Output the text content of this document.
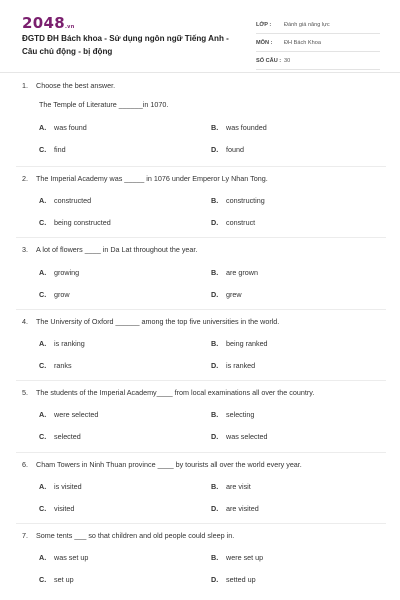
2048.vn
ĐGTD ĐH Bách khoa - Sử dụng ngôn ngữ Tiếng Anh - Câu chủ động - bị động
LỚP :	Đánh giá năng lực
MÔN :	ĐH Bách Khoa
SỐ CÂU : 30
1. Choose the best answer.
The Temple of Literature ______in 1070.
A. was found	B. was founded
C. find	D. found
2. The Imperial Academy was _____ in 1076 under Emperor Ly Nhan Tong.
A. constructed	B. constructing
C. being constructed	D. construct
3. A lot of flowers ____ in Da Lat throughout the year.
A. growing	B. are grown
C. grow	D. grew
4. The University of Oxford ______ among the top five universities in the world.
A. is ranking	B. being ranked
C. ranks	D. is ranked
5. The students of the Imperial Academy____ from local examinations all over the country.
A. were selected	B. selecting
C. selected	D. was selected
6. Cham Towers in Ninh Thuan province ____ by tourists all over the world every year.
A. is visited	B. are visit
C. visited	D. are visited
7. Some tents ___ so that children and old people could sleep in.
A. was set up	B. were set up
C. set up	D. setted up
